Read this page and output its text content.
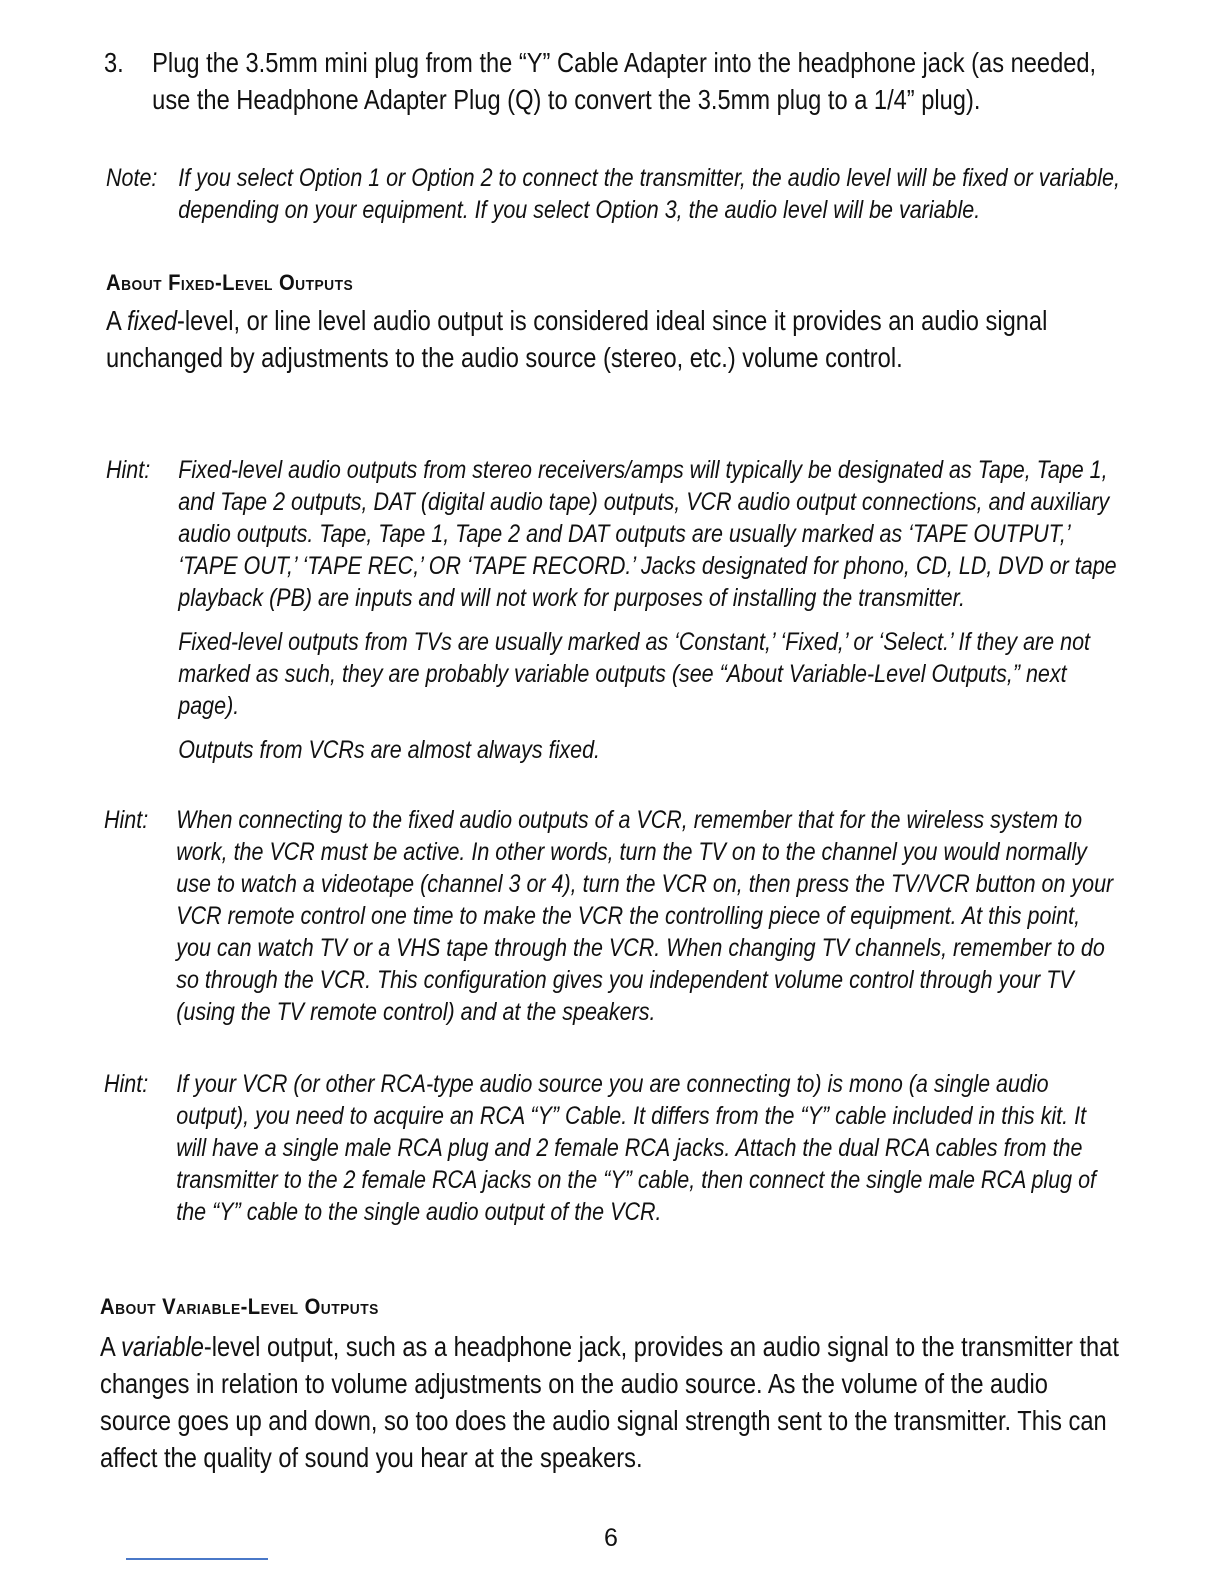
3.	Plug the 3.5mm mini plug from the “Y” Cable Adapter into the headphone jack (as needed, use the Headphone Adapter Plug (Q) to convert the 3.5mm plug to a 1/4” plug).
Note: If you select Option 1 or Option 2 to connect the transmitter, the audio level will be fixed or variable, depending on your equipment. If you select Option 3, the audio level will be variable.
About Fixed-Level Outputs
A fixed-level, or line level audio output is considered ideal since it provides an audio signal unchanged by adjustments to the audio source (stereo, etc.) volume control.
Hint:	Fixed-level audio outputs from stereo receivers/amps will typically be designated as Tape, Tape 1, and Tape 2 outputs, DAT (digital audio tape) outputs, VCR audio output connections, and auxiliary audio outputs. Tape, Tape 1, Tape 2 and DAT outputs are usually marked as ‘TAPE OUTPUT,’ ‘TAPE OUT,’ ‘TAPE REC,’ OR ‘TAPE RECORD.’ Jacks designated for phono, CD, LD, DVD or tape playback (PB) are inputs and will not work for purposes of installing the transmitter.
Fixed-level outputs from TVs are usually marked as ‘Constant,’ ‘Fixed,’ or ‘Select.’ If they are not marked as such, they are probably variable outputs (see “About Variable-Level Outputs,” next page).
Outputs from VCRs are almost always fixed.
Hint:	When connecting to the fixed audio outputs of a VCR, remember that for the wireless system to work, the VCR must be active. In other words, turn the TV on to the channel you would normally use to watch a videotape (channel 3 or 4), turn the VCR on, then press the TV/VCR button on your VCR remote control one time to make the VCR the controlling piece of equipment. At this point, you can watch TV or a VHS tape through the VCR. When changing TV channels, remember to do so through the VCR. This configuration gives you independent volume control through your TV (using the TV remote control) and at the speakers.
Hint:	If your VCR (or other RCA-type audio source you are connecting to) is mono (a single audio output), you need to acquire an RCA “Y” Cable. It differs from the “Y” cable included in this kit. It will have a single male RCA plug and 2 female RCA jacks. Attach the dual RCA cables from the transmitter to the 2 female RCA jacks on the “Y” cable, then connect the single male RCA plug of the “Y” cable to the single audio output of the VCR.
About Variable-Level Outputs
A variable-level output, such as a headphone jack, provides an audio signal to the transmitter that changes in relation to volume adjustments on the audio source. As the volume of the audio source goes up and down, so too does the audio signal strength sent to the transmitter. This can affect the quality of sound you hear at the speakers.
6
